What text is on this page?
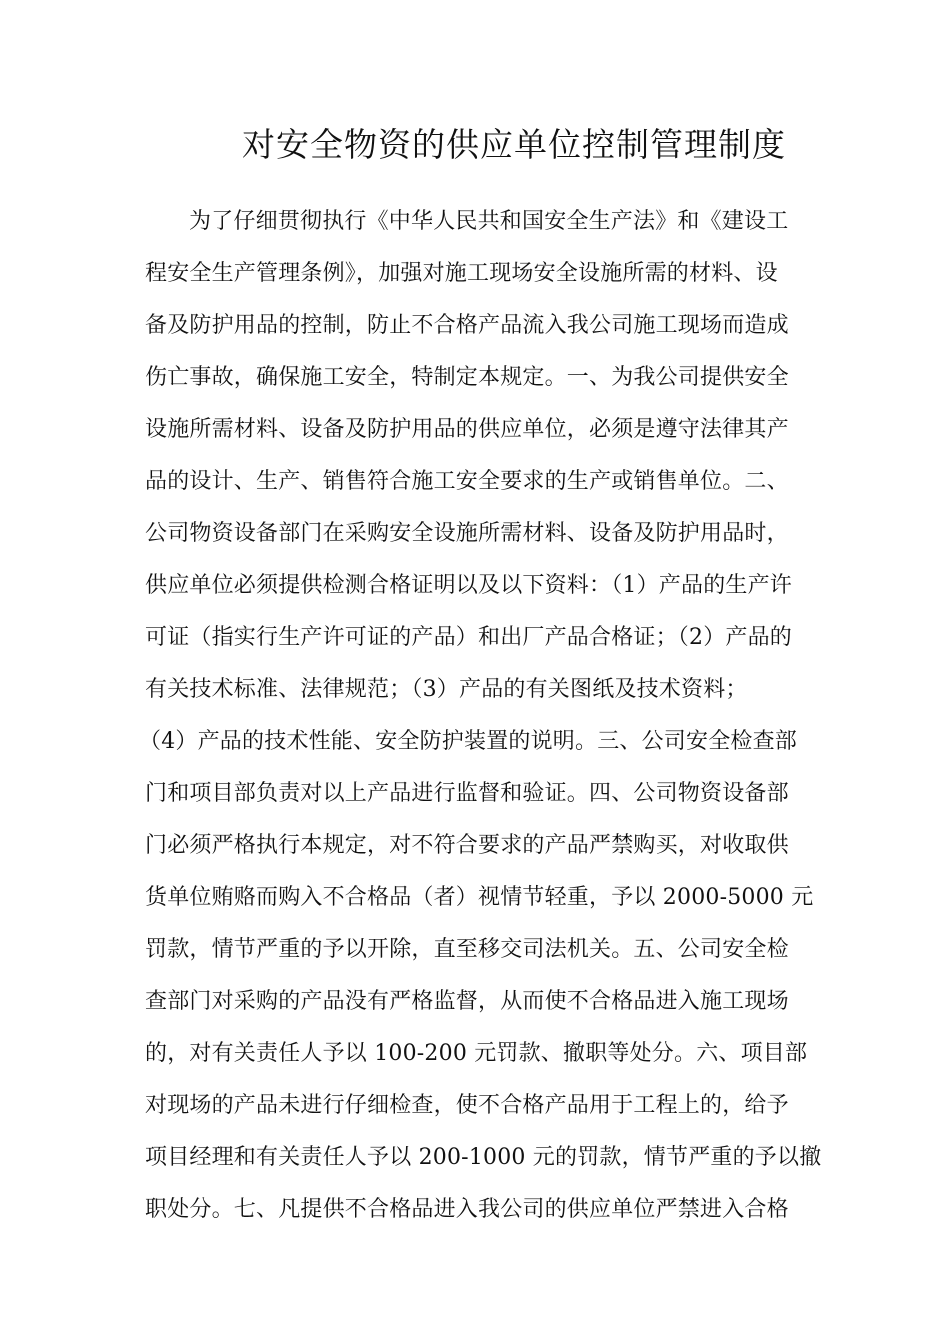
对安全物资的供应单位控制管理制度
为了仔细贯彻执行《中华人民共和国安全生产法》和《建设工
程安全生产管理条例》，加强对施工现场安全设施所需的材料、设
备及防护用品的控制，防止不合格产品流入我公司施工现场而造成
伤亡事故，确保施工安全，特制定本规定。一、为我公司提供安全
设施所需材料、设备及防护用品的供应单位，必须是遵守法律其产
品的设计、生产、销售符合施工安全要求的生产或销售单位。二、
公司物资设备部门在采购安全设施所需材料、设备及防护用品时，
供应单位必须提供检测合格证明以及以下资料：（1）产品的生产许
可证（指实行生产许可证的产品）和出厂产品合格证；（2）产品的
有关技术标准、法律规范；（3）产品的有关图纸及技术资料；
（4）产品的技术性能、安全防护装置的说明。三、公司安全检查部
门和项目部负责对以上产品进行监督和验证。四、公司物资设备部
门必须严格执行本规定，对不符合要求的产品严禁购买，对收取供
货单位贿赂而购入不合格品（者）视情节轻重，予以 2000-5000 元
罚款，情节严重的予以开除，直至移交司法机关。五、公司安全检
查部门对采购的产品没有严格监督，从而使不合格品进入施工现场
的，对有关责任人予以 100-200 元罚款、撤职等处分。六、项目部
对现场的产品未进行仔细检查，使不合格产品用于工程上的，给予
项目经理和有关责任人予以 200-1000 元的罚款，情节严重的予以撤
职处分。七、凡提供不合格品进入我公司的供应单位严禁进入合格
